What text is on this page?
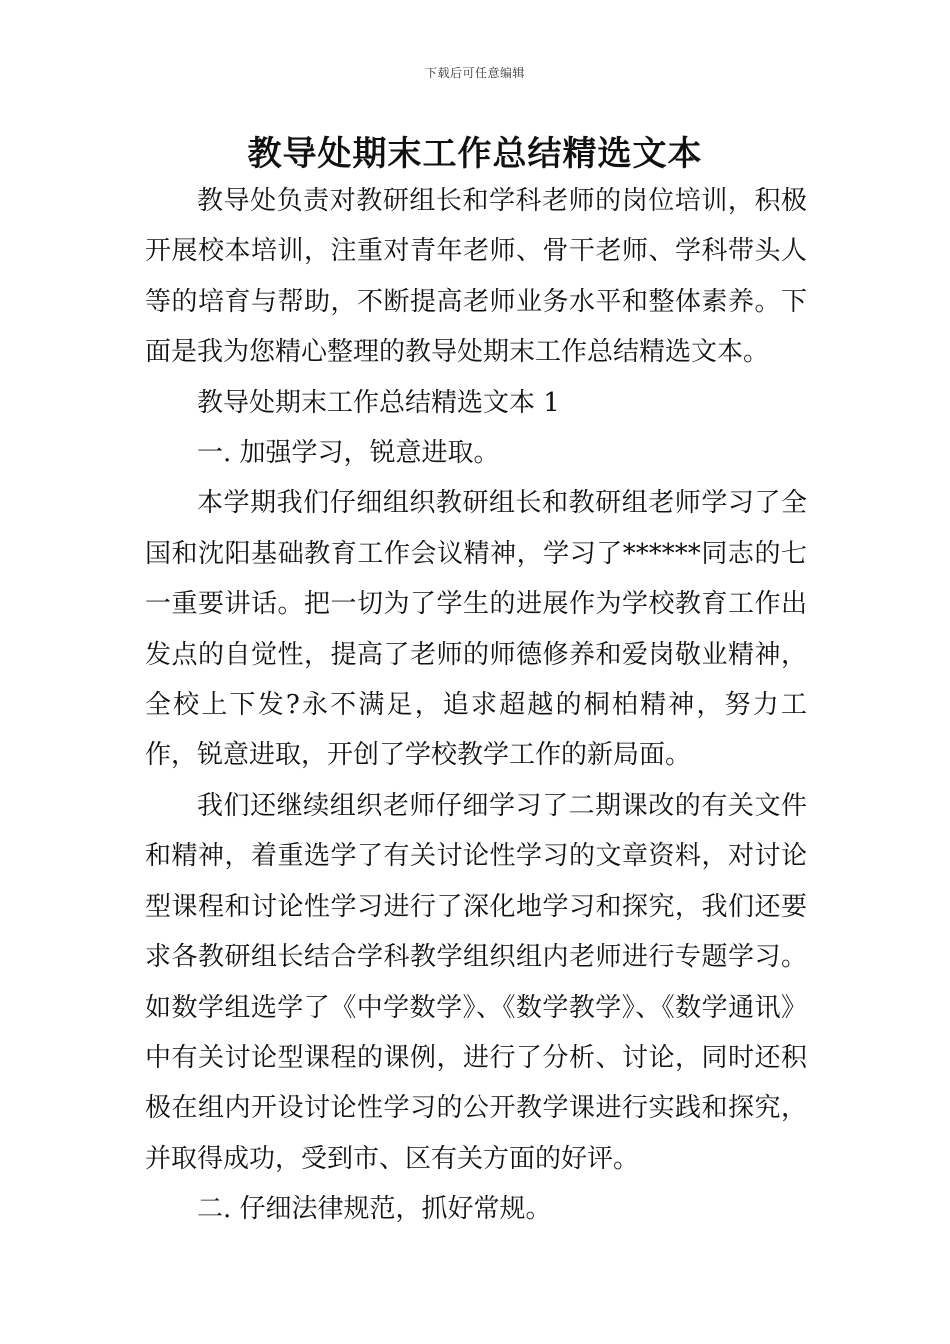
下载后可任意编辑
教导处期末工作总结精选文本

教导处负责对教研组长和学科老师的岗位培训，积极开展校本培训，注重对青年老师、骨干老师、学科带头人等的培育与帮助，不断提高老师业务水平和整体素养。下面是我为您精心整理的教导处期末工作总结精选文本。

教导处期末工作总结精选文本 1

一. 加强学习，锐意进取。

本学期我们仔细组织教研组长和教研组老师学习了全国和沈阳基础教育工作会议精神，学习了******同志的七一重要讲话。把一切为了学生的进展作为学校教育工作出发点的自觉性，提高了老师的师德修养和爱岗敬业精神，全校上下发?永不满足，追求超越的桐柏精神，努力工作，锐意进取，开创了学校教学工作的新局面。

我们还继续组织老师仔细学习了二期课改的有关文件和精神，着重选学了有关讨论性学习的文章资料，对讨论型课程和讨论性学习进行了深化地学习和探究，我们还要求各教研组长结合学科教学组织组内老师进行专题学习。如数学组选学了《中学数学》、《数学教学》、《数学通讯》中有关讨论型课程的课例，进行了分析、讨论，同时还积极在组内开设讨论性学习的公开教学课进行实践和探究，并取得成功，受到市、区有关方面的好评。

二. 仔细法律规范，抓好常规。
